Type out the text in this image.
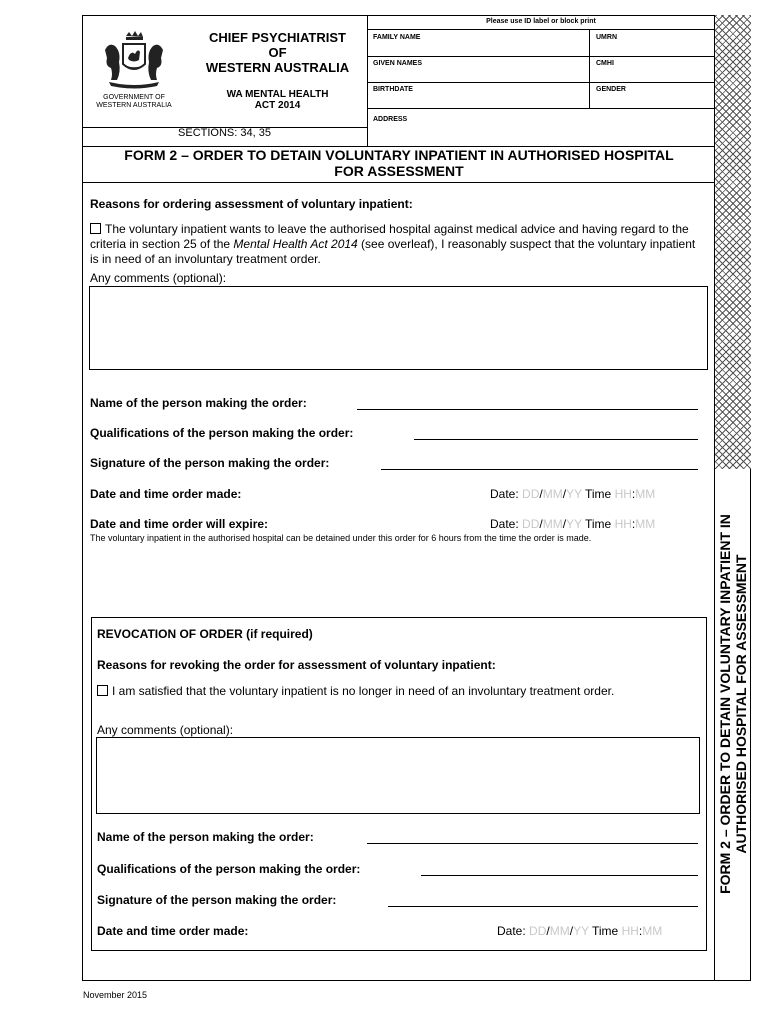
FORM 2 – ORDER TO DETAIN VOLUNTARY INPATIENT IN AUTHORISED HOSPITAL FOR ASSESSMENT
GOVERNMENT OF
WESTERN AUSTRALIA
CHIEF PSYCHIATRIST
OF
WESTERN AUSTRALIA
WA MENTAL HEALTH
ACT 2014
SECTIONS: 34, 35
Please use ID label or block print
FAMILY NAME	UMRN
GIVEN NAMES	CMHI
BIRTHDATE	GENDER
ADDRESS
FORM 2 – ORDER TO DETAIN VOLUNTARY INPATIENT IN AUTHORISED HOSPITAL
FOR ASSESSMENT
Reasons for ordering assessment of voluntary inpatient:
The voluntary inpatient wants to leave the authorised hospital against medical advice and having regard to the criteria in section 25 of the Mental Health Act 2014 (see overleaf), I reasonably suspect that the voluntary inpatient is in need of an involuntary treatment order.
Any comments (optional):
Name of the person making the order:
Qualifications of the person making the order:
Signature of the person making the order:
Date and time order made:	Date: DD/MM/YY Time HH:MM
Date and time order will expire:	Date: DD/MM/YY Time HH:MM
The voluntary inpatient in the authorised hospital can be detained under this order for 6 hours from the time the order is made.
REVOCATION OF ORDER (if required)
Reasons for revoking the order for assessment of voluntary inpatient:
I am satisfied that the voluntary inpatient is no longer in need of an involuntary treatment order.
Any comments (optional):
Name of the person making the order:
Qualifications of the person making the order:
Signature of the person making the order:
Date and time order made:	Date: DD/MM/YY Time HH:MM
November 2015
